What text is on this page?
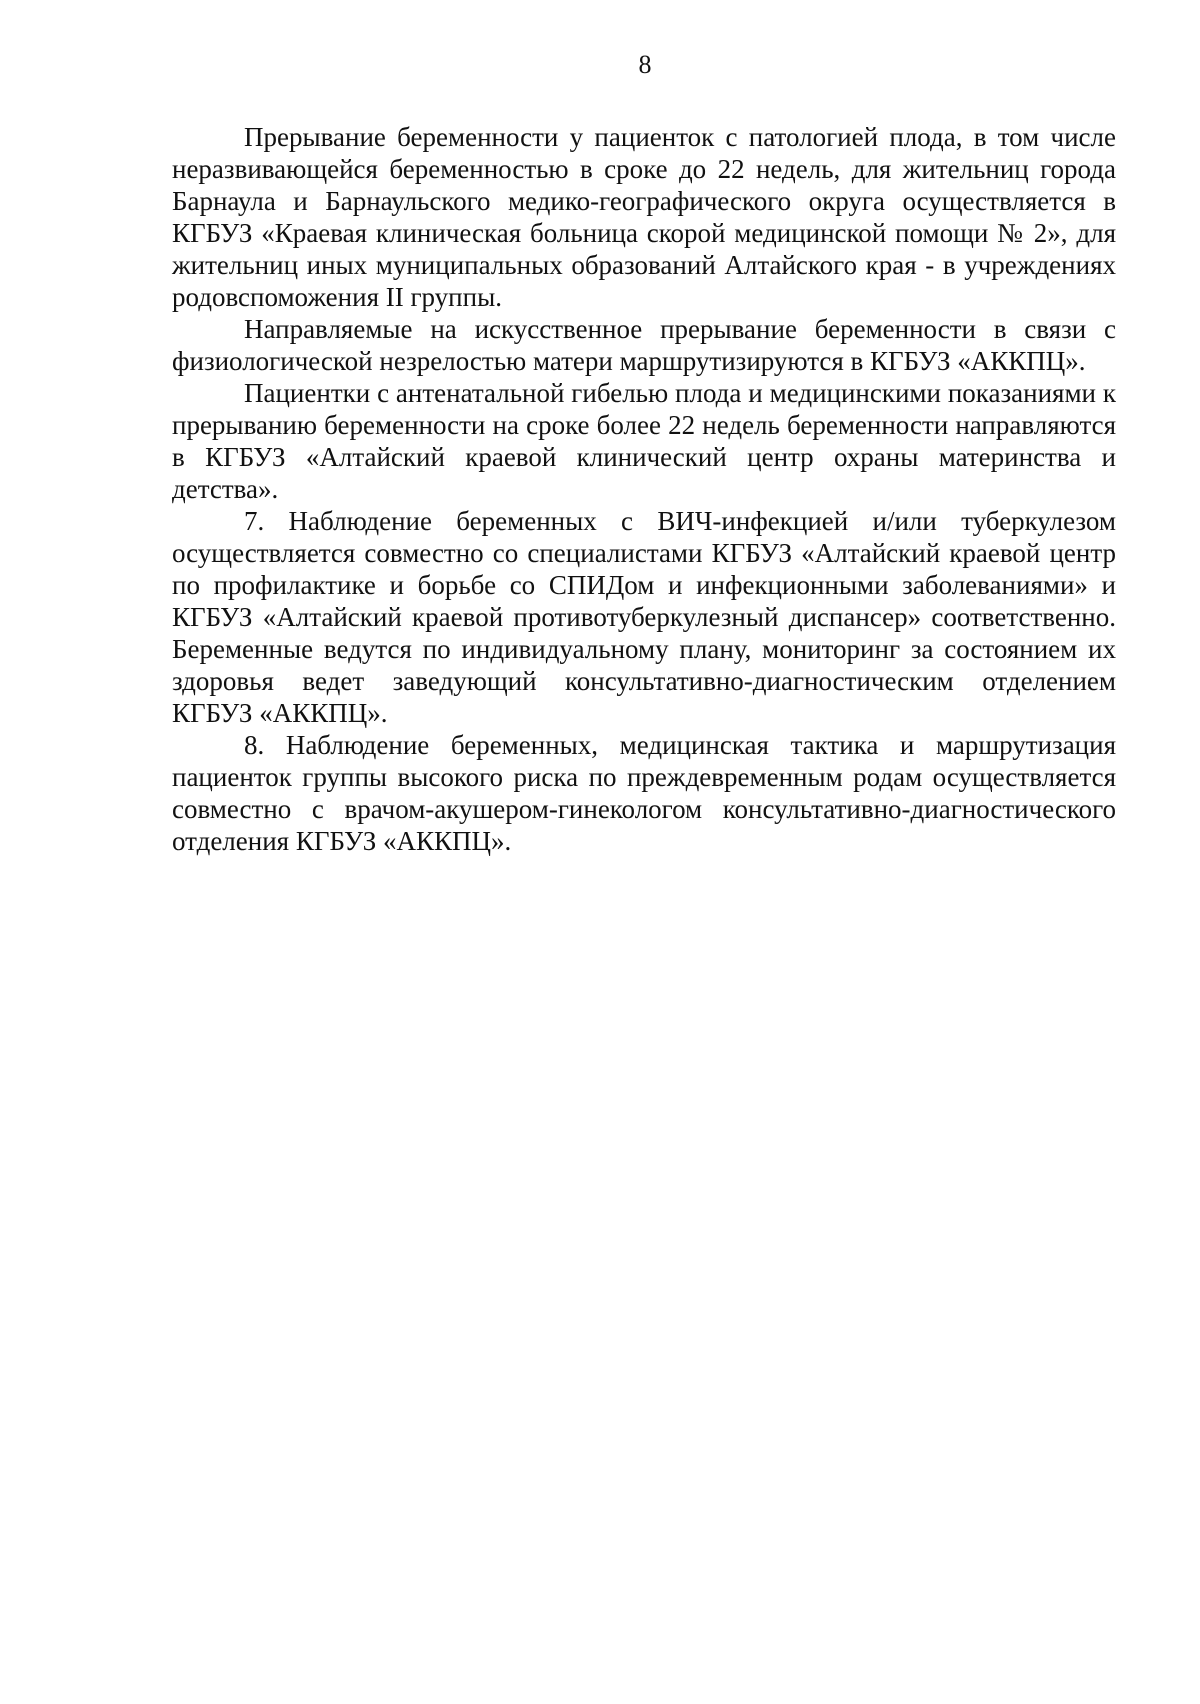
8

Прерывание беременности у пациенток с патологией плода, в том числе неразвивающейся беременностью в сроке до 22 недель, для жительниц города Барнаула и Барнаульского медико-географического округа осуществляется в КГБУЗ «Краевая клиническая больница скорой медицинской помощи № 2», для жительниц иных муниципальных образований Алтайского края - в учреждениях родовспоможения II группы.

Направляемые на искусственное прерывание беременности в связи с физиологической незрелостью матери маршрутизируются в КГБУЗ «АККПЦ».

Пациентки с антенатальной гибелью плода и медицинскими показаниями к прерыванию беременности на сроке более 22 недель беременности направляются в КГБУЗ «Алтайский краевой клинический центр охраны материнства и детства».

7. Наблюдение беременных с ВИЧ-инфекцией и/или туберкулезом осуществляется совместно со специалистами КГБУЗ «Алтайский краевой центр по профилактике и борьбе со СПИДом и инфекционными заболеваниями» и КГБУЗ «Алтайский краевой противотуберкулезный диспансер» соответственно. Беременные ведутся по индивидуальному плану, мониторинг за состоянием их здоровья ведет заведующий консультативно-диагностическим отделением КГБУЗ «АККПЦ».

8. Наблюдение беременных, медицинская тактика и маршрутизация пациенток группы высокого риска по преждевременным родам осуществляется совместно с врачом-акушером-гинекологом консультативно-диагностического отделения КГБУЗ «АККПЦ».
